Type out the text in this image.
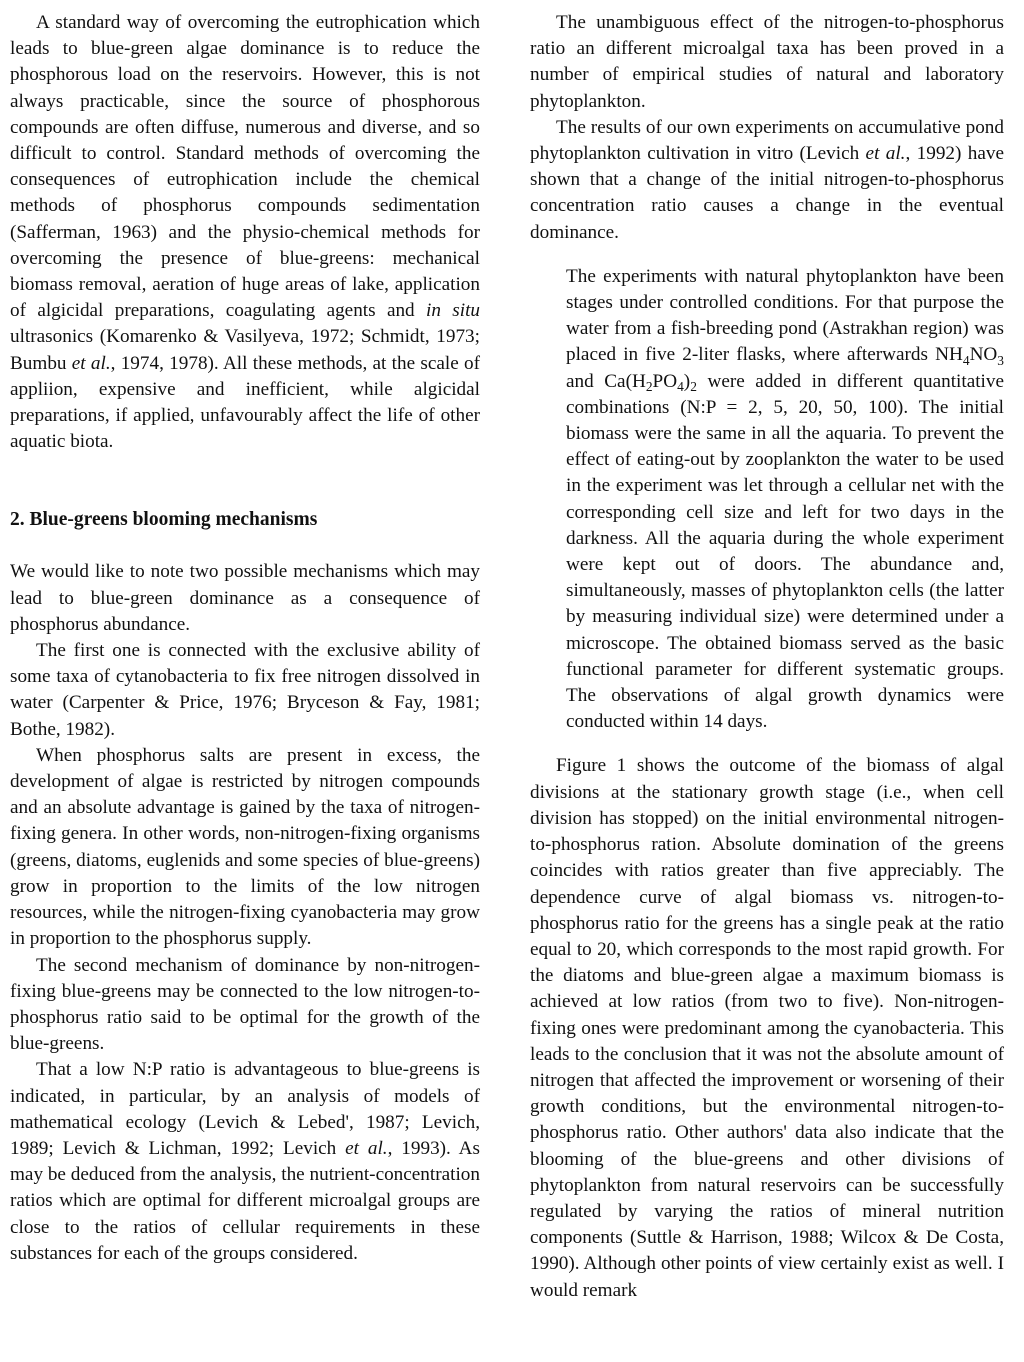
A standard way of overcoming the eutrophication which leads to blue-green algae dominance is to reduce the phosphorous load on the reservoirs. However, this is not always practicable, since the source of phosphorous compounds are often diffuse, numerous and diverse, and so difficult to control. Standard methods of overcoming the consequences of eutrophication include the chemical methods of phosphorus compounds sedimentation (Safferman, 1963) and the physio-chemical methods for overcoming the presence of blue-greens: mechanical biomass removal, aeration of huge areas of lake, application of algicidal preparations, coagulating agents and in situ ultrasonics (Komarenko & Vasilyeva, 1972; Schmidt, 1973; Bumbu et al., 1974, 1978). All these methods, at the scale of appliion, expensive and inefficient, while algicidal preparations, if applied, unfavourably affect the life of other aquatic biota.

2. Blue-greens blooming mechanisms

We would like to note two possible mechanisms which may lead to blue-green dominance as a consequence of phosphorus abundance.

The first one is connected with the exclusive ability of some taxa of cytanobacteria to fix free nitrogen dissolved in water (Carpenter & Price, 1976; Bryceson & Fay, 1981; Bothe, 1982).

When phosphorus salts are present in excess, the development of algae is restricted by nitrogen compounds and an absolute advantage is gained by the taxa of nitrogen-fixing genera. In other words, non-nitrogen-fixing organisms (greens, diatoms, euglenids and some species of blue-greens) grow in proportion to the limits of the low nitrogen resources, while the nitrogen-fixing cyanobacteria may grow in proportion to the phosphorus supply.

The second mechanism of dominance by non-nitrogen-fixing blue-greens may be connected to the low nitrogen-to-phosphorus ratio said to be optimal for the growth of the blue-greens.

That a low N:P ratio is advantageous to blue-greens is indicated, in particular, by an analysis of models of mathematical ecology (Levich & Lebed', 1987; Levich, 1989; Levich & Lichman, 1992; Levich et al., 1993). As may be deduced from the analysis, the nutrient-concentration ratios which are optimal for different microalgal groups are close to the ratios of cellular requirements in these substances for each of the groups considered.

The unambiguous effect of the nitrogen-to-phosphorus ratio an different microalgal taxa has been proved in a number of empirical studies of natural and laboratory phytoplankton.

The results of our own experiments on accumulative pond phytoplankton cultivation in vitro (Levich et al., 1992) have shown that a change of the initial nitrogen-to-phosphorus concentration ratio causes a change in the eventual dominance.

The experiments with natural phytoplankton have been stages under controlled conditions. For that purpose the water from a fish-breeding pond (Astrakhan region) was placed in five 2-liter flasks, where afterwards $NH_4NO_3$ and $Ca(H_2PO_4)_2$ were added in different quantitative combinations (N:P = 2, 5, 20, 50, 100). The initial biomass were the same in all the aquaria. To prevent the effect of eating-out by zooplankton the water to be used in the experiment was let through a cellular net with the corresponding cell size and left for two days in the darkness. All the aquaria during the whole experiment were kept out of doors. The abundance and, simultaneously, masses of phytoplankton cells (the latter by measuring individual size) were determined under a microscope. The obtained biomass served as the basic functional parameter for different systematic groups. The observations of algal growth dynamics were conducted within 14 days.

Figure 1 shows the outcome of the biomass of algal divisions at the stationary growth stage (i.e., when cell division has stopped) on the initial environmental nitrogen-to-phosphorus ration. Absolute domination of the greens coincides with ratios greater than five appreciably. The dependence curve of algal biomass vs. nitrogen-to-phosphorus ratio for the greens has a single peak at the ratio equal to 20, which corresponds to the most rapid growth. For the diatoms and blue-green algae a maximum biomass is achieved at low ratios (from two to five). Non-nitrogen-fixing ones were predominant among the cyanobacteria. This leads to the conclusion that it was not the absolute amount of nitrogen that affected the improvement or worsening of their growth conditions, but the environmental nitrogen-to-phosphorus ratio. Other authors' data also indicate that the blooming of the blue-greens and other divisions of phytoplankton from natural reservoirs can be successfully regulated by varying the ratios of mineral nutrition components (Suttle & Harrison, 1988; Wilcox & De Costa, 1990). Although other points of view certainly exist as well. I would remark
